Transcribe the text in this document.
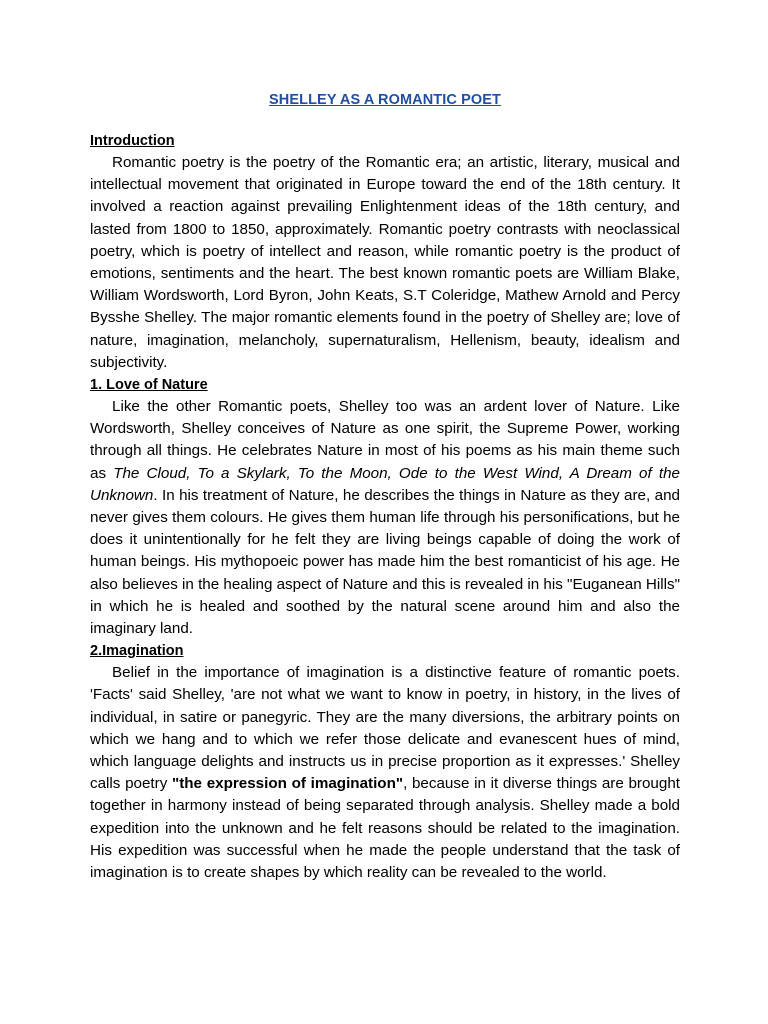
SHELLEY AS A ROMANTIC POET
Introduction

Romantic poetry is the poetry of the Romantic era; an artistic, literary, musical and intellectual movement that originated in Europe toward the end of the 18th century. It involved a reaction against prevailing Enlightenment ideas of the 18th century, and lasted from 1800 to 1850, approximately. Romantic poetry contrasts with neoclassical poetry, which is poetry of intellect and reason, while romantic poetry is the product of emotions, sentiments and the heart. The best known romantic poets are William Blake, William Wordsworth, Lord Byron, John Keats, S.T Coleridge, Mathew Arnold and Percy Bysshe Shelley. The major romantic elements found in the poetry of Shelley are; love of nature, imagination, melancholy, supernaturalism, Hellenism, beauty, idealism and subjectivity.

1. Love of Nature

Like the other Romantic poets, Shelley too was an ardent lover of Nature. Like Wordsworth, Shelley conceives of Nature as one spirit, the Supreme Power, working through all things. He celebrates Nature in most of his poems as his main theme such as The Cloud, To a Skylark, To the Moon, Ode to the West Wind, A Dream of the Unknown. In his treatment of Nature, he describes the things in Nature as they are, and never gives them colours. He gives them human life through his personifications, but he does it unintentionally for he felt they are living beings capable of doing the work of human beings. His mythopoeic power has made him the best romanticist of his age. He also believes in the healing aspect of Nature and this is revealed in his "Euganean Hills" in which he is healed and soothed by the natural scene around him and also the imaginary land.

2.Imagination

Belief in the importance of imagination is a distinctive feature of romantic poets. 'Facts' said Shelley, 'are not what we want to know in poetry, in history, in the lives of individual, in satire or panegyric. They are the many diversions, the arbitrary points on which we hang and to which we refer those delicate and evanescent hues of mind, which language delights and instructs us in precise proportion as it expresses.' Shelley calls poetry "the expression of imagination", because in it diverse things are brought together in harmony instead of being separated through analysis. Shelley made a bold expedition into the unknown and he felt reasons should be related to the imagination. His expedition was successful when he made the people understand that the task of imagination is to create shapes by which reality can be revealed to the world.
